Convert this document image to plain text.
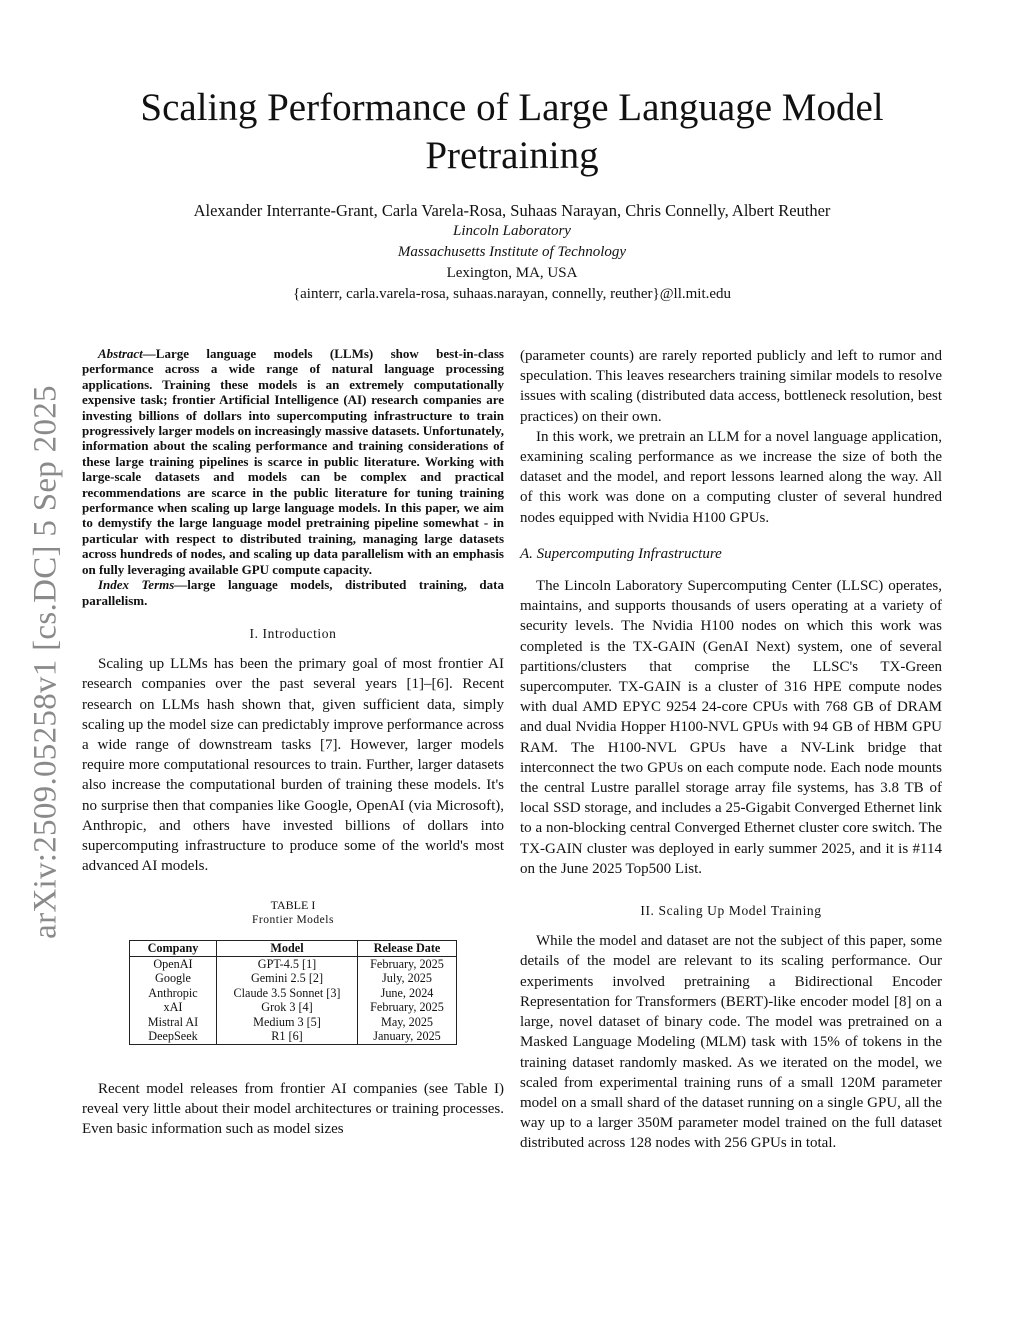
arXiv:2509.05258v1 [cs.DC] 5 Sep 2025
Scaling Performance of Large Language Model Pretraining
Alexander Interrante-Grant, Carla Varela-Rosa, Suhaas Narayan, Chris Connelly, Albert Reuther
Lincoln Laboratory
Massachusetts Institute of Technology
Lexington, MA, USA
{ainterr, carla.varela-rosa, suhaas.narayan, connelly, reuther}@ll.mit.edu

Abstract—Large language models (LLMs) show best-in-class performance across a wide range of natural language processing applications. Training these models is an extremely computationally expensive task; frontier Artificial Intelligence (AI) research companies are investing billions of dollars into supercomputing infrastructure to train progressively larger models on increasingly massive datasets. Unfortunately, information about the scaling performance and training considerations of these large training pipelines is scarce in public literature. Working with large-scale datasets and models can be complex and practical recommendations are scarce in the public literature for tuning training performance when scaling up large language models. In this paper, we aim to demystify the large language model pretraining pipeline somewhat - in particular with respect to distributed training, managing large datasets across hundreds of nodes, and scaling up data parallelism with an emphasis on fully leveraging available GPU compute capacity.

Index Terms—large language models, distributed training, data parallelism.

I. Introduction

Scaling up LLMs has been the primary goal of most frontier AI research companies over the past several years [1]–[6]. Recent research on LLMs hash shown that, given sufficient data, simply scaling up the model size can predictably improve performance across a wide range of downstream tasks [7]. However, larger models require more computational resources to train. Further, larger datasets also increase the computational burden of training these models. It's no surprise then that companies like Google, OpenAI (via Microsoft), Anthropic, and others have invested billions of dollars into supercomputing infrastructure to produce some of the world's most advanced AI models.

TABLE I
Frontier Models
Company	Model	Release Date
OpenAI	GPT-4.5 [1]	February, 2025
Google	Gemini 2.5 [2]	July, 2025
Anthropic	Claude 3.5 Sonnet [3]	June, 2024
xAI	Grok 3 [4]	February, 2025
Mistral AI	Medium 3 [5]	May, 2025
DeepSeek	R1 [6]	January, 2025

Recent model releases from frontier AI companies (see Table I) reveal very little about their model architectures or training processes. Even basic information such as model sizes

(parameter counts) are rarely reported publicly and left to rumor and speculation. This leaves researchers training similar models to resolve issues with scaling (distributed data access, bottleneck resolution, best practices) on their own.

In this work, we pretrain an LLM for a novel language application, examining scaling performance as we increase the size of both the dataset and the model, and report lessons learned along the way. All of this work was done on a computing cluster of several hundred nodes equipped with Nvidia H100 GPUs.

A. Supercomputing Infrastructure

The Lincoln Laboratory Supercomputing Center (LLSC) operates, maintains, and supports thousands of users operating at a variety of security levels. The Nvidia H100 nodes on which this work was completed is the TX-GAIN (GenAI Next) system, one of several partitions/clusters that comprise the LLSC's TX-Green supercomputer. TX-GAIN is a cluster of 316 HPE compute nodes with dual AMD EPYC 9254 24-core CPUs with 768 GB of DRAM and dual Nvidia Hopper H100-NVL GPUs with 94 GB of HBM GPU RAM. The H100-NVL GPUs have a NV-Link bridge that interconnect the two GPUs on each compute node. Each node mounts the central Lustre parallel storage array file systems, has 3.8 TB of local SSD storage, and includes a 25-Gigabit Converged Ethernet link to a non-blocking central Converged Ethernet cluster core switch. The TX-GAIN cluster was deployed in early summer 2025, and it is #114 on the June 2025 Top500 List.

II. Scaling Up Model Training

While the model and dataset are not the subject of this paper, some details of the model are relevant to its scaling performance. Our experiments involved pretraining a Bidirectional Encoder Representation for Transformers (BERT)-like encoder model [8] on a large, novel dataset of binary code. The model was pretrained on a Masked Language Modeling (MLM) task with 15% of tokens in the training dataset randomly masked. As we iterated on the model, we scaled from experimental training runs of a small 120M parameter model on a small shard of the dataset running on a single GPU, all the way up to a larger 350M parameter model trained on the full dataset distributed across 128 nodes with 256 GPUs in total.
